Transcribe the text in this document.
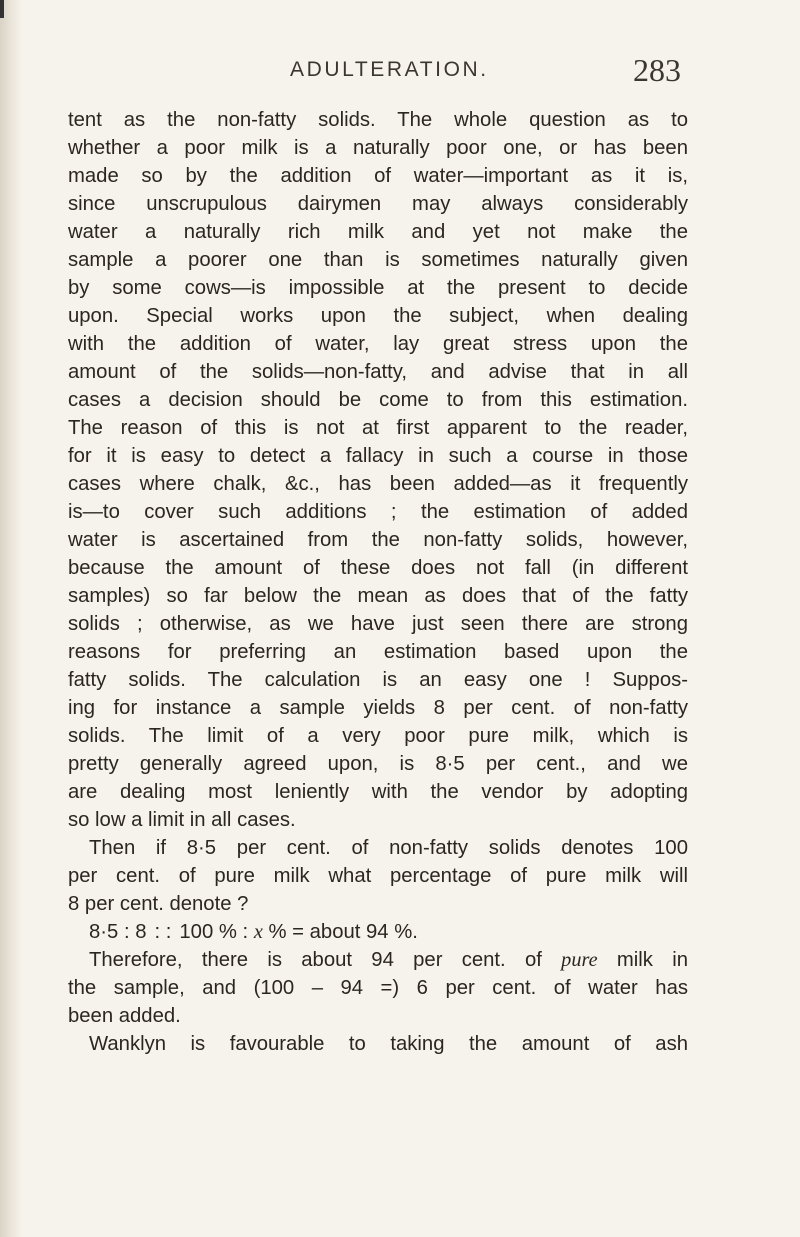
ADULTERATION.	283
tent as the non-fatty solids. The whole question as to
whether a poor milk is a naturally poor one, or has been
made so by the addition of water—important as it is,
since unscrupulous dairymen may always considerably
water a naturally rich milk and yet not make the
sample a poorer one than is sometimes naturally given
by some cows—is impossible at the present to decide
upon. Special works upon the subject, when dealing
with the addition of water, lay great stress upon the
amount of the solids—non-fatty, and advise that in all
cases a decision should be come to from this estimation.
The reason of this is not at first apparent to the reader,
for it is easy to detect a fallacy in such a course in those
cases where chalk, &c., has been added—as it frequently
is—to cover such additions ; the estimation of added
water is ascertained from the non-fatty solids, however,
because the amount of these does not fall (in different
samples) so far below the mean as does that of the fatty
solids ; otherwise, as we have just seen there are strong
reasons for preferring an estimation based upon the
fatty solids. The calculation is an easy one ! Suppos-
ing for instance a sample yields 8 per cent. of non-fatty
solids. The limit of a very poor pure milk, which is
pretty generally agreed upon, is 8·5 per cent., and we
are dealing most leniently with the vendor by adopting
so low a limit in all cases.
Then if 8·5 per cent. of non-fatty solids denotes 100
per cent. of pure milk what percentage of pure milk will
8 per cent. denote ?
8·5 : 8 : : 100 % : x % = about 94 %.
Therefore, there is about 94 per cent. of pure milk in
the sample, and (100 – 94 =) 6 per cent. of water has
been added.
Wanklyn is favourable to taking the amount of ash
